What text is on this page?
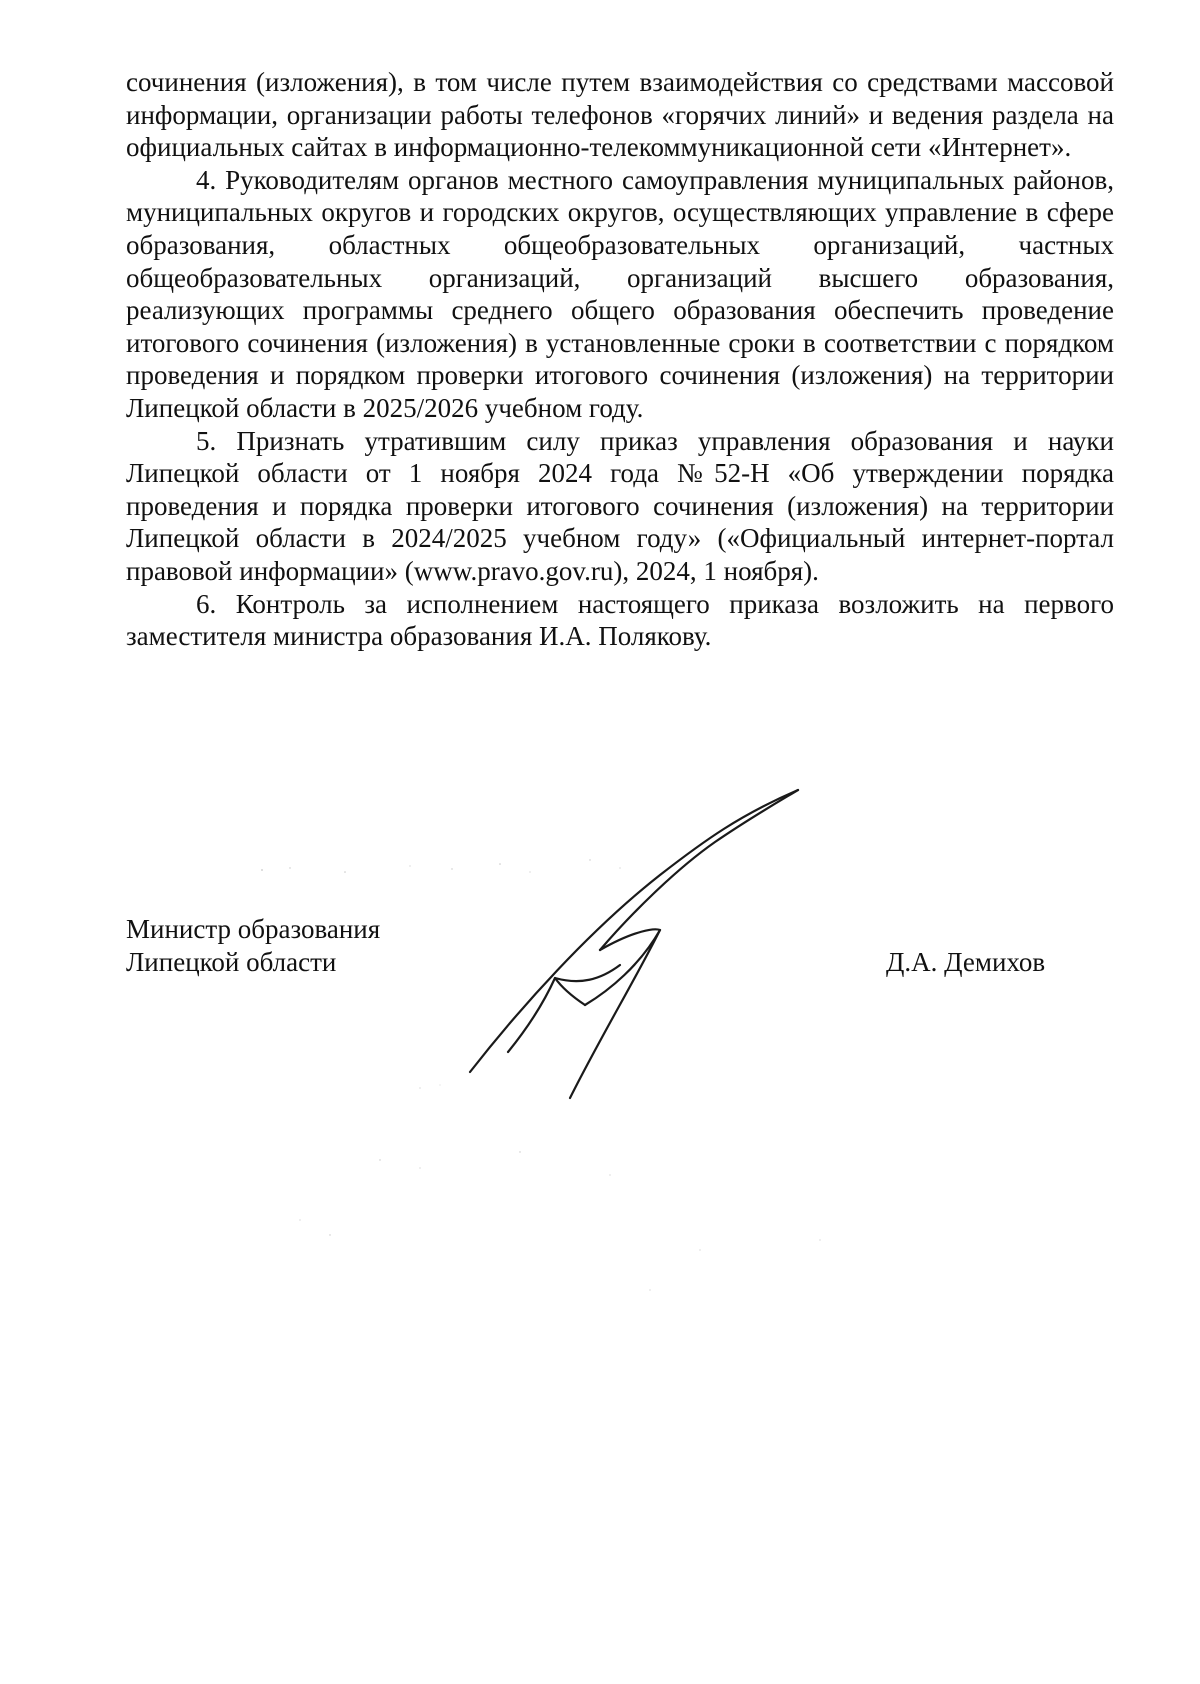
сочинения (изложения), в том числе путем взаимодействия со средствами массовой информации, организации работы телефонов «горячих линий» и ведения раздела на официальных сайтах в информационно-телекоммуникационной сети «Интернет».

4. Руководителям органов местного самоуправления муниципальных районов, муниципальных округов и городских округов, осуществляющих управление в сфере образования, областных общеобразовательных организаций, частных общеобразовательных организаций, организаций высшего образования, реализующих программы среднего общего образования обеспечить проведение итогового сочинения (изложения) в установленные сроки в соответствии с порядком проведения и порядком проверки итогового сочинения (изложения) на территории Липецкой области в 2025/2026 учебном году.

5. Признать утратившим силу приказ управления образования и науки Липецкой области от 1 ноября 2024 года №52-Н «Об утверждении порядка проведения и порядка проверки итогового сочинения (изложения) на территории Липецкой области в 2024/2025 учебном году» («Официальный интернет-портал правовой информации» (www.pravo.gov.ru), 2024, 1 ноября).

6. Контроль за исполнением настоящего приказа возложить на первого заместителя министра образования И.А. Полякову.

Министр образования
Липецкой области	Д.А. Демихов
